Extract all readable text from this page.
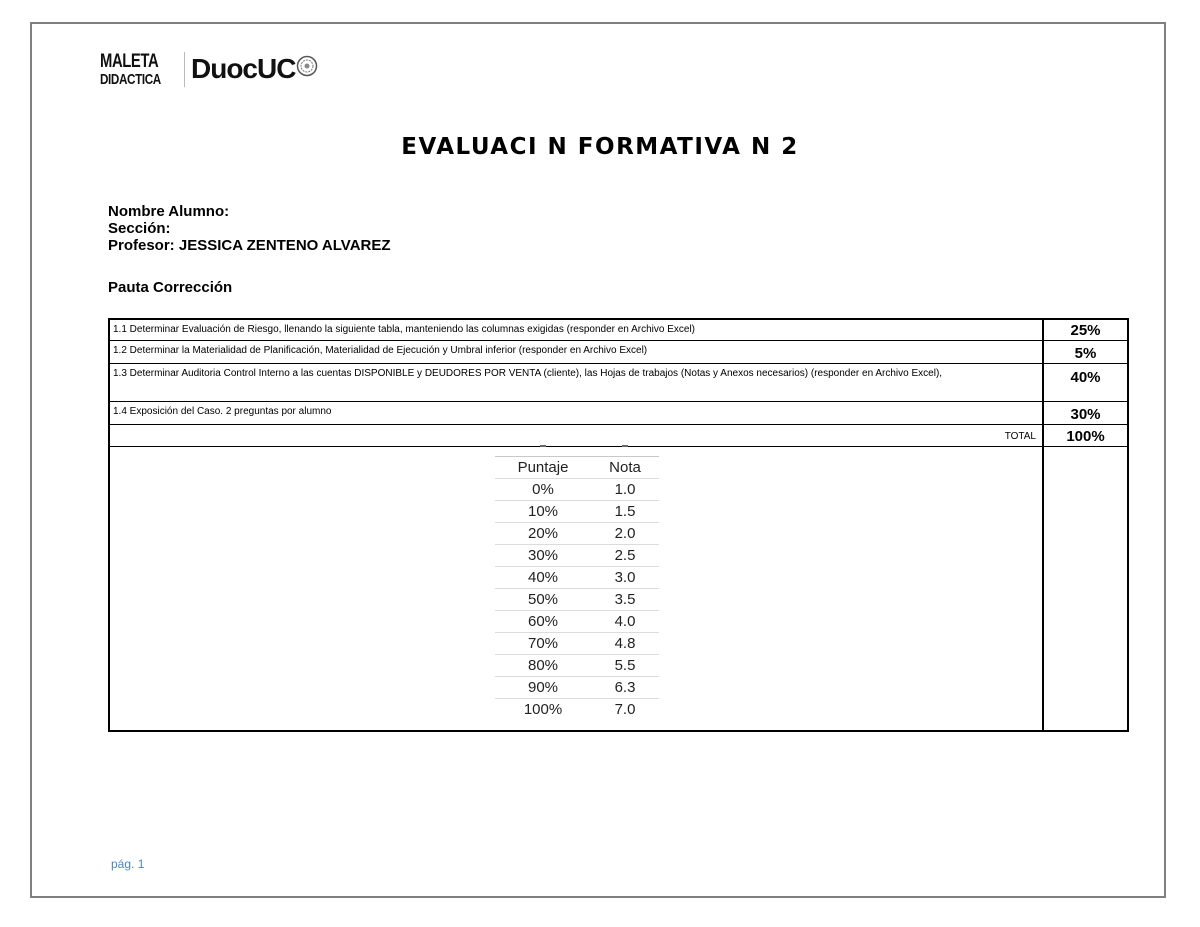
MALETA
DIDACTICA DuocUC
EVALUACI N FORMATIVA N 2
Nombre Alumno:
Sección:
Profesor: JESSICA ZENTENO ALVAREZ
Pauta Corrección
1.1 Determinar Evaluación de Riesgo, llenando la siguiente tabla, manteniendo las columnas exigidas (responder en Archivo Excel)	25%
1.2 Determinar la Materialidad de Planificación, Materialidad de Ejecución y Umbral inferior (responder en Archivo Excel)	5%
1.3 Determinar Auditoria Control Interno a las cuentas DISPONIBLE y DEUDORES POR VENTA (cliente), las Hojas de trabajos (Notas y Anexos necesarios) (responder en Archivo Excel),	40%
1.4 Exposición del Caso. 2 preguntas por alumno	30%
TOTAL	100%
Puntaje	Nota
0%	1.0
10%	1.5
20%	2.0
30%	2.5
40%	3.0
50%	3.5
60%	4.0
70%	4.8
80%	5.5
90%	6.3
100%	7.0
pág. 1
